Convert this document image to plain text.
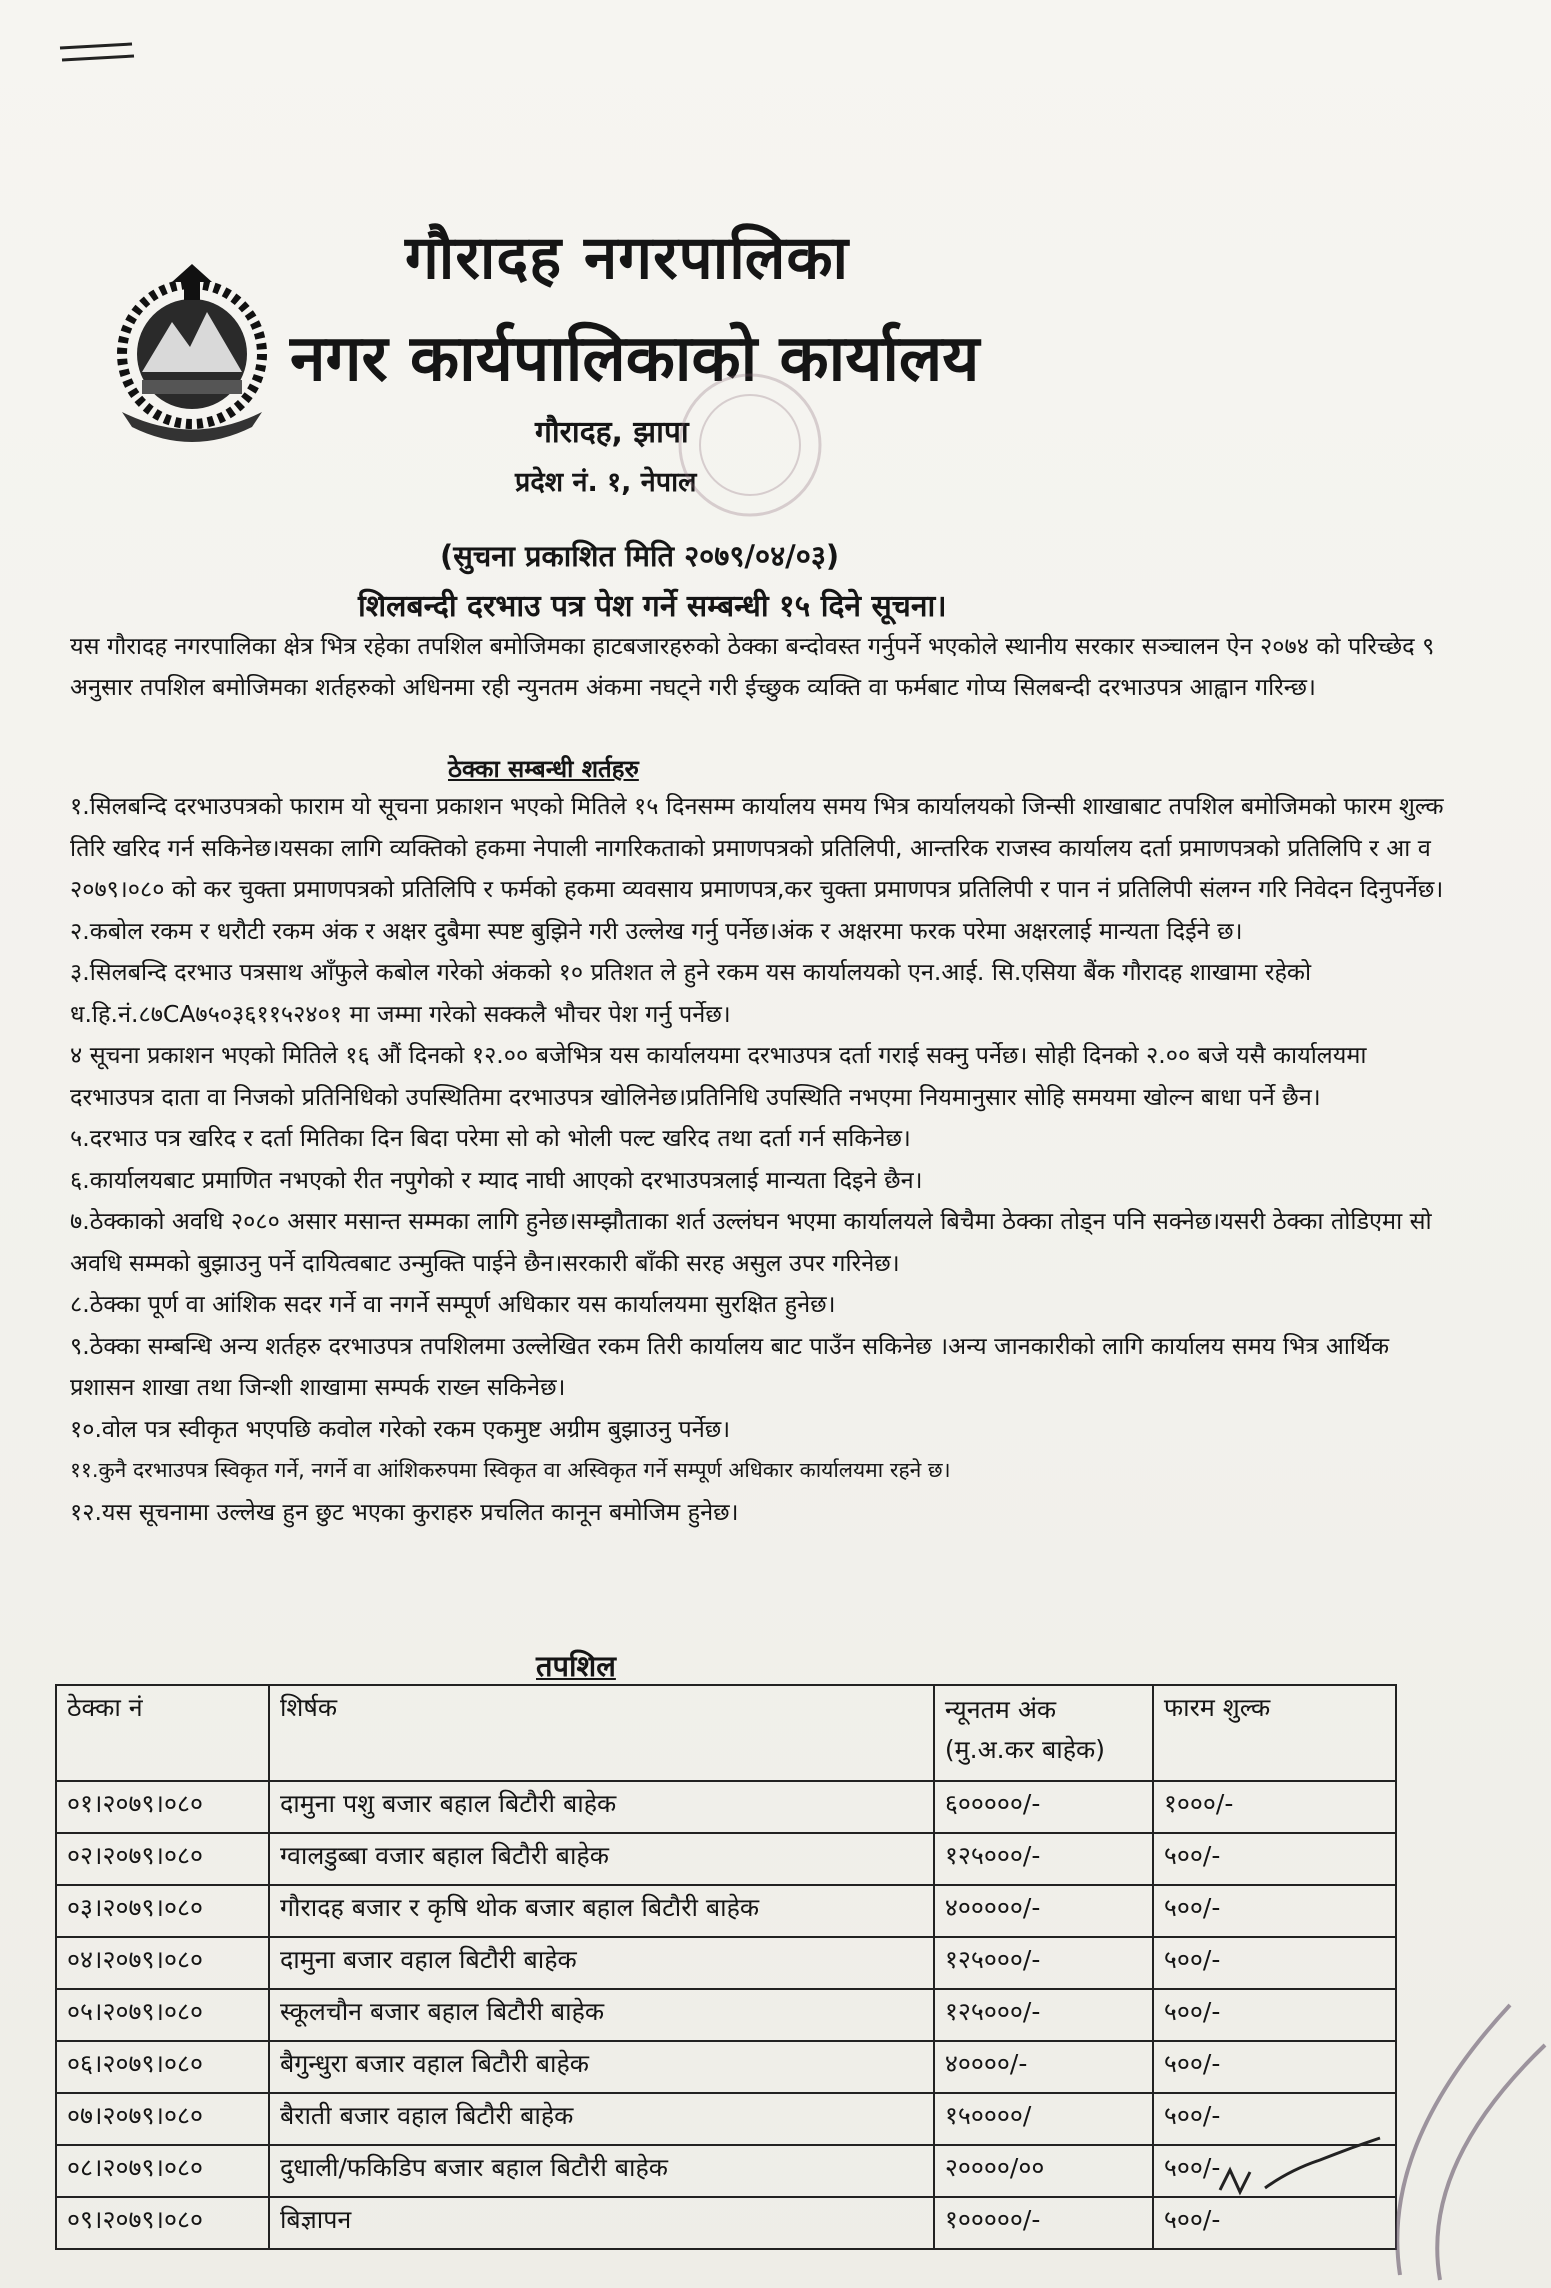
गौरादह नगरपालिका
नगर कार्यपालिकाको कार्यालय
गौरादह, झापा
प्रदेश नं. १, नेपाल
(सुचना प्रकाशित मिति २०७९/०४/०३)
शिलबन्दी दरभाउ पत्र पेश गर्ने सम्बन्धी १५ दिने सूचना।
यस गौरादह नगरपालिका क्षेत्र भित्र रहेका तपशिल बमोजिमका हाटबजारहरुको ठेक्का बन्दोवस्त गर्नुपर्ने भएकोले स्थानीय सरकार सञ्चालन ऐन २०७४ को परिच्छेद ९ अनुसार तपशिल बमोजिमका शर्तहरुको अधिनमा रही न्युनतम अंकमा नघट्ने गरी ईच्छुक व्यक्ति वा फर्मबाट गोप्य सिलबन्दी दरभाउपत्र आह्वान गरिन्छ।
ठेक्का सम्बन्धी शर्तहरु

१.सिलबन्दि दरभाउपत्रको फाराम यो सूचना प्रकाशन भएको मितिले १५ दिनसम्म कार्यालय समय भित्र कार्यालयको जिन्सी शाखाबाट तपशिल बमोजिमको फारम शुल्क तिरि खरिद गर्न सकिनेछ।यसका लागि व्यक्तिको हकमा नेपाली नागरिकताको प्रमाणपत्रको प्रतिलिपी, आन्तरिक राजस्व कार्यालय दर्ता प्रमाणपत्रको प्रतिलिपि र आ व २०७९।०८० को कर चुक्ता प्रमाणपत्रको प्रतिलिपि र फर्मको हकमा व्यवसाय प्रमाणपत्र,कर चुक्ता प्रमाणपत्र प्रतिलिपी र पान नं प्रतिलिपी संलग्न गरि निवेदन दिनुपर्नेछ।

२.कबोल रकम र धरौटी रकम अंक र अक्षर दुबैमा स्पष्ट बुझिने गरी उल्लेख गर्नु पर्नेछ।अंक र अक्षरमा फरक परेमा अक्षरलाई मान्यता दिईने छ।

३.सिलबन्दि दरभाउ पत्रसाथ आँफुले कबोल गरेको अंकको १० प्रतिशत ले हुने रकम यस कार्यालयको एन.आई. सि.एसिया बैंक गौरादह शाखामा रहेको ध.हि.नं.८७CA७५०३६११५२४०१ मा जम्मा गरेको सक्कलै भौचर पेश गर्नु पर्नेछ।

४ सूचना प्रकाशन भएको मितिले १६ औं दिनको १२.०० बजेभित्र यस कार्यालयमा दरभाउपत्र दर्ता गराई सक्नु पर्नेछ। सोही दिनको २.०० बजे यसै कार्यालयमा दरभाउपत्र दाता वा निजको प्रतिनिधिको उपस्थितिमा दरभाउपत्र खोलिनेछ।प्रतिनिधि उपस्थिति नभएमा नियमानुसार सोहि समयमा खोल्न बाधा पर्ने छैन।

५.दरभाउ पत्र खरिद र दर्ता मितिका दिन बिदा परेमा सो को भोली पल्ट खरिद तथा दर्ता गर्न सकिनेछ।

६.कार्यालयबाट प्रमाणित नभएको रीत नपुगेको र म्याद नाघी आएको दरभाउपत्रलाई मान्यता दिइने छैन।

७.ठेक्काको अवधि २०८० असार मसान्त सम्मका लागि हुनेछ।सम्झौताका शर्त उल्लंघन भएमा कार्यालयले बिचैमा ठेक्का तोड्न पनि सक्नेछ।यसरी ठेक्का तोडिएमा सो अवधि सम्मको बुझाउनु पर्ने दायित्वबाट उन्मुक्ति पाईने छैन।सरकारी बाँकी सरह असुल उपर गरिनेछ।

८.ठेक्का पूर्ण वा आंशिक सदर गर्ने वा नगर्ने सम्पूर्ण अधिकार यस कार्यालयमा सुरक्षित हुनेछ।

९.ठेक्का सम्बन्धि अन्य शर्तहरु दरभाउपत्र तपशिलमा उल्लेखित रकम तिरी कार्यालय बाट पाउँन सकिनेछ ।अन्य जानकारीको लागि कार्यालय समय भित्र आर्थिक प्रशासन शाखा तथा जिन्शी शाखामा सम्पर्क राख्न सकिनेछ।

१०.वोल पत्र स्वीकृत भएपछि कवोल गरेको रकम एकमुष्ट अग्रीम बुझाउनु पर्नेछ।

११.कुनै दरभाउपत्र स्विकृत गर्ने, नगर्ने वा आंशिकरुपमा स्विकृत वा अस्विकृत गर्ने सम्पूर्ण अधिकार कार्यालयमा रहने छ।

१२.यस सूचनामा उल्लेख हुन छुट भएका कुराहरु प्रचलित कानून बमोजिम हुनेछ।

तपशिल
ठेक्का नं	शिर्षक	न्यूनतम अंक (मु.अ.कर बाहेक)	फारम शुल्क
०१।२०७९।०८०	दामुना पशु बजार बहाल बिटौरी बाहेक	६०००००/-	१०००/-
०२।२०७९।०८०	ग्वालडुब्बा वजार बहाल बिटौरी बाहेक	१२५०००/-	५००/-
०३।२०७९।०८०	गौरादह बजार र कृषि थोक बजार बहाल बिटौरी बाहेक	४०००००/-	५००/-
०४।२०७९।०८०	दामुना बजार वहाल बिटौरी बाहेक	१२५०००/-	५००/-
०५।२०७९।०८०	स्कूलचौन बजार बहाल बिटौरी बाहेक	१२५०००/-	५००/-
०६।२०७९।०८०	बैगुन्धुरा बजार वहाल बिटौरी बाहेक	४००००/-	५००/-
०७।२०७९।०८०	बैराती बजार वहाल बिटौरी बाहेक	१५००००/	५००/-
०८।२०७९।०८०	दुधाली/फकिडिप बजार बहाल बिटौरी बाहेक	२००००/००	५००/-
०९।२०७९।०८०	बिज्ञापन	१०००००/-	५००/-
